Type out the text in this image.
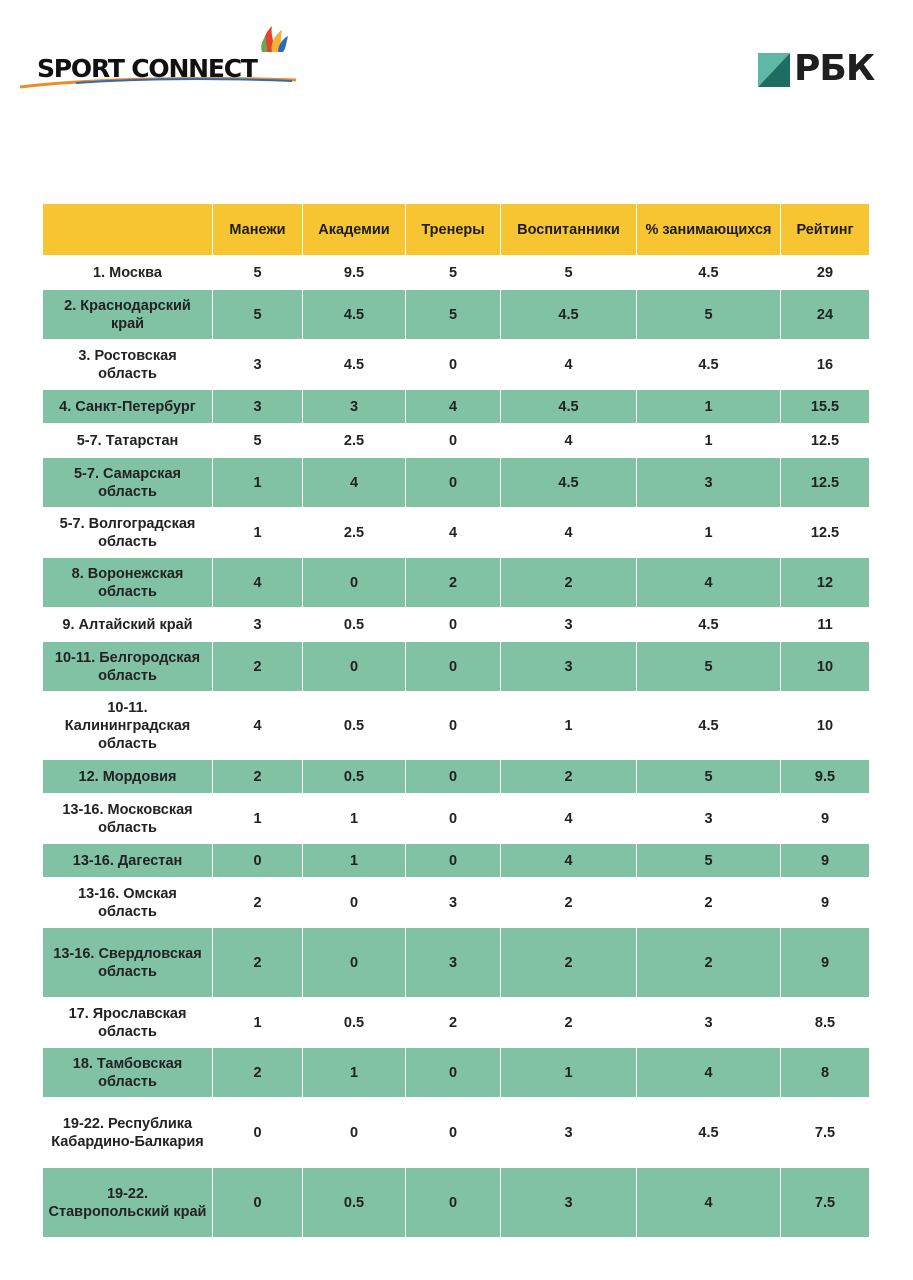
SPORT CONNECT	РБК
	Манежи	Академии	Тренеры	Воспитанники	% занимающихся	Рейтинг
1. Москва	5	9.5	5	5	4.5	29
2. Краснодарский край	5	4.5	5	4.5	5	24
3. Ростовская область	3	4.5	0	4	4.5	16
4. Санкт-Петербург	3	3	4	4.5	1	15.5
5-7. Татарстан	5	2.5	0	4	1	12.5
5-7. Самарская область	1	4	0	4.5	3	12.5
5-7. Волгоградская область	1	2.5	4	4	1	12.5
8. Воронежская область	4	0	2	2	4	12
9. Алтайский край	3	0.5	0	3	4.5	11
10-11. Белгородская область	2	0	0	3	5	10
10-11. Калининградская область	4	0.5	0	1	4.5	10
12. Мордовия	2	0.5	0	2	5	9.5
13-16. Московская область	1	1	0	4	3	9
13-16. Дагестан	0	1	0	4	5	9
13-16. Омская область	2	0	3	2	2	9
13-16. Свердловская область	2	0	3	2	2	9
17. Ярославская область	1	0.5	2	2	3	8.5
18. Тамбовская область	2	1	0	1	4	8
19-22. Республика Кабардино-Балкария	0	0	0	3	4.5	7.5
19-22. Ставропольский край	0	0.5	0	3	4	7.5
